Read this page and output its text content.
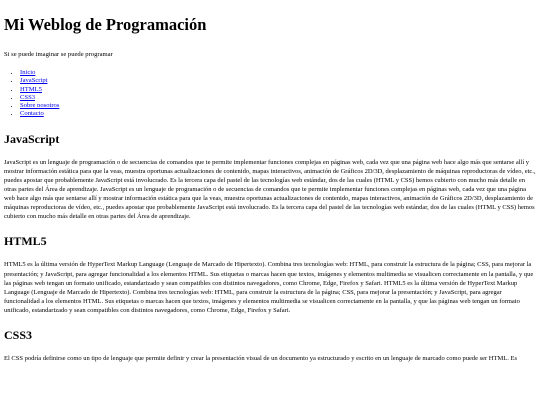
Mi Weblog de Programación

Si se puede imaginar se puede programar

• Inicio
• JavaScript
• HTML5
• CSS3
• Sobre nosotros
• Contacto
JavaScript

JavaScript es un lenguaje de programación o de secuencias de comandos que te permite implementar funciones complejas en páginas web, cada vez que una página web hace algo más que sentarse allí y mostrar información estática para que la veas, muestra oportunas actualizaciones de contenido, mapas interactivos, animación de Gráficos 2D/3D, desplazamiento de máquinas reproductoras de vídeo, etc., puedes apostar que probablemente JavaScript está involucrado. Es la tercera capa del pastel de las tecnologías web estándar, dos de las cuales (HTML y CSS) hemos cubierto con mucho más detalle en otras partes del Área de aprendizaje. JavaScript es un lenguaje de programación o de secuencias de comandos que te permite implementar funciones complejas en páginas web, cada vez que una página web hace algo más que sentarse allí y mostrar información estática para que la veas, muestra oportunas actualizaciones de contenido, mapas interactivos, animación de Gráficos 2D/3D, desplazamiento de máquinas reproductoras de vídeo, etc., puedes apostar que probablemente JavaScript está involucrado. Es la tercera capa del pastel de las tecnologías web estándar, dos de las cuales (HTML y CSS) hemos cubierto con mucho más detalle en otras partes del Área de aprendizaje.

HTML5

HTML5 es la última versión de HyperText Markup Language (Lenguaje de Marcado de Hipertexto). Combina tres tecnologías web: HTML, para construir la estructura de la página; CSS, para mejorar la presentación; y JavaScript, para agregar funcionalidad a los elementos HTML. Sus etiquetas o marcas hacen que textos, imágenes y elementos multimedia se visualicen correctamente en la pantalla, y que las páginas web tengan un formato unificado, estandarizado y sean compatibles con distintos navegadores, como Chrome, Edge, Firefox y Safari. HTML5 es la última versión de HyperText Markup Language (Lenguaje de Marcado de Hipertexto). Combina tres tecnologías web: HTML, para construir la estructura de la página; CSS, para mejorar la presentación; y JavaScript, para agregar funcionalidad a los elementos HTML. Sus etiquetas o marcas hacen que textos, imágenes y elementos multimedia se visualicen correctamente en la pantalla, y que las páginas web tengan un formato unificado, estandarizado y sean compatibles con distintos navegadores, como Chrome, Edge, Firefox y Safari.

CSS3

El CSS podría definirse como un tipo de lenguaje que permite definir y crear la presentación visual de un documento ya estructurado y escrito en un lenguaje de marcado como puede ser HTML. Es
